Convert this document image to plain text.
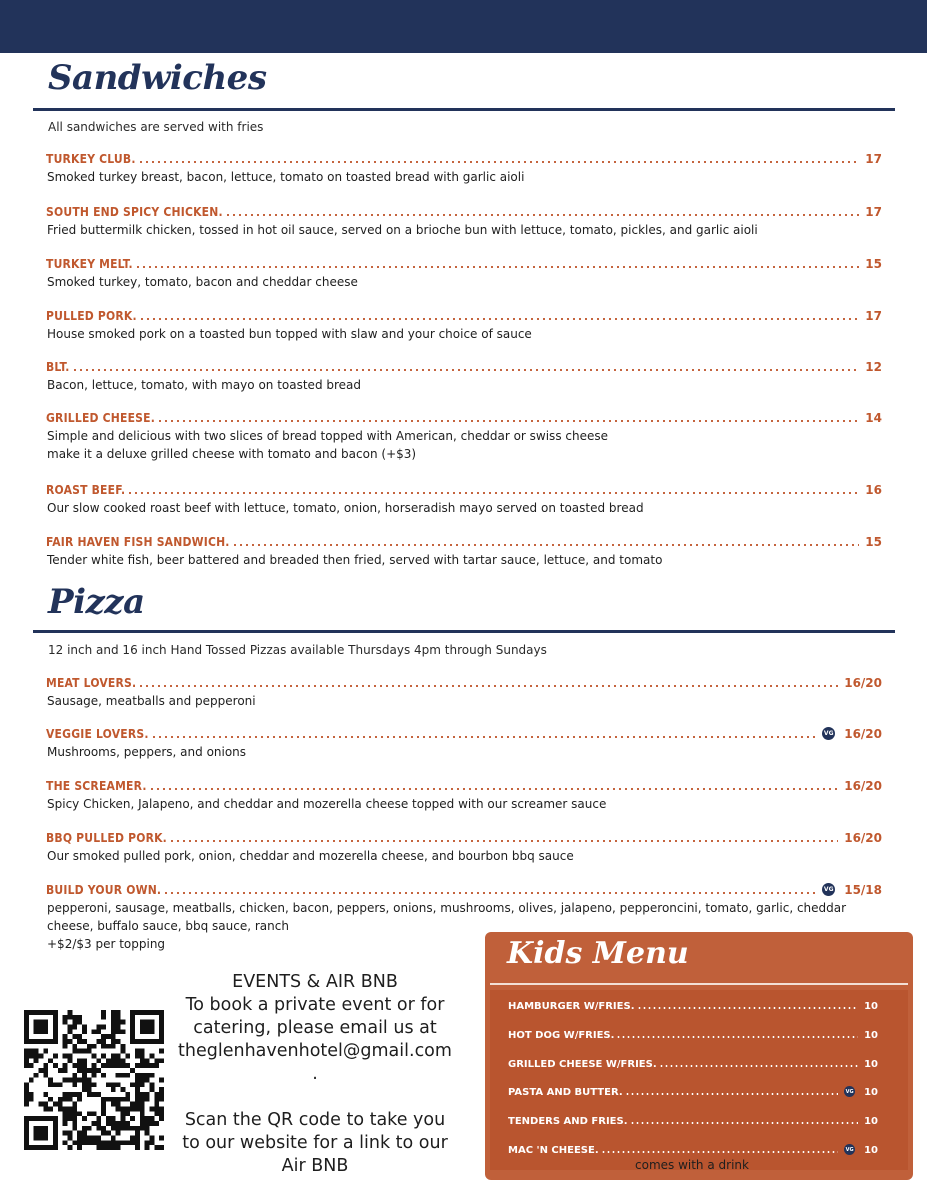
Sandwiches
All sandwiches are served with fries
TURKEY CLUB.	17
Smoked turkey breast, bacon, lettuce, tomato on toasted bread with garlic aioli
SOUTH END SPICY CHICKEN.	17
Fried buttermilk chicken, tossed in hot oil sauce, served on a brioche bun with lettuce, tomato, pickles, and garlic aioli
TURKEY MELT.	15
Smoked turkey, tomato, bacon and cheddar cheese
PULLED PORK.	17
House smoked pork on a toasted bun topped with slaw and your choice of sauce
BLT.	12
Bacon, lettuce, tomato, with mayo on toasted bread
GRILLED CHEESE.	14
Simple and delicious with two slices of bread topped with American, cheddar or swiss cheese
make it a deluxe grilled cheese with tomato and bacon (+$3)
ROAST BEEF.	16
Our slow cooked roast beef with lettuce, tomato, onion, horseradish mayo served on toasted bread
FAIR HAVEN FISH SANDWICH.	15
Tender white fish, beer battered and breaded then fried, served with tartar sauce, lettuce, and tomato
Pizza
12 inch and 16 inch Hand Tossed Pizzas available Thursdays 4pm through Sundays
MEAT LOVERS.	16/20
Sausage, meatballs and pepperoni
VEGGIE LOVERS.	VG 16/20
Mushrooms, peppers, and onions
THE SCREAMER.	16/20
Spicy Chicken, Jalapeno, and cheddar and mozerella cheese topped with our screamer sauce
BBQ PULLED PORK.	16/20
Our smoked pulled pork, onion, cheddar and mozerella cheese, and bourbon bbq sauce
BUILD YOUR OWN.	VG 15/18
pepperoni, sausage, meatballs, chicken, bacon, peppers, onions, mushrooms, olives, jalapeno, pepperoncini, tomato, garlic, cheddar
cheese, buffalo sauce, bbq sauce, ranch
+$2/$3 per topping
EVENTS & AIR BNB
To book a private event or for
catering, please email us at
theglenhavenhotel@gmail.com
.

Scan the QR code to take you
to our website for a link to our
Air BNB
Kids Menu
comes with a drink
HAMBURGER W/FRIES.	10
HOT DOG W/FRIES.	10
GRILLED CHEESE W/FRIES.	10
PASTA AND BUTTER.	VG 10
TENDERS AND FRIES.	10
MAC 'N CHEESE.	VG 10
